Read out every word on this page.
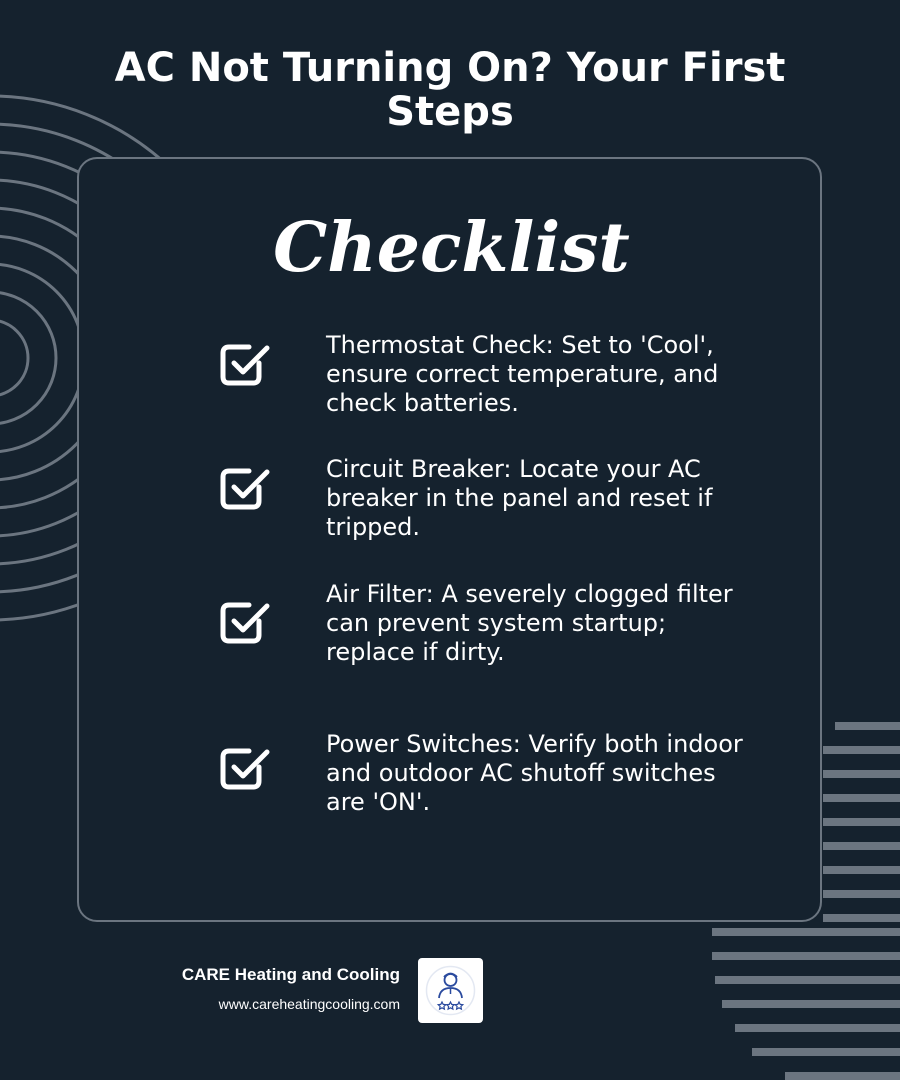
AC Not Turning On? Your First Steps
Checklist

Thermostat Check: Set to 'Cool', ensure correct temperature, and check batteries.

Circuit Breaker: Locate your AC breaker in the panel and reset if tripped.

Air Filter: A severely clogged filter can prevent system startup; replace if dirty.

Power Switches: Verify both indoor and outdoor AC shutoff switches are 'ON'.

CARE Heating and Cooling

www.careheatingcooling.com
